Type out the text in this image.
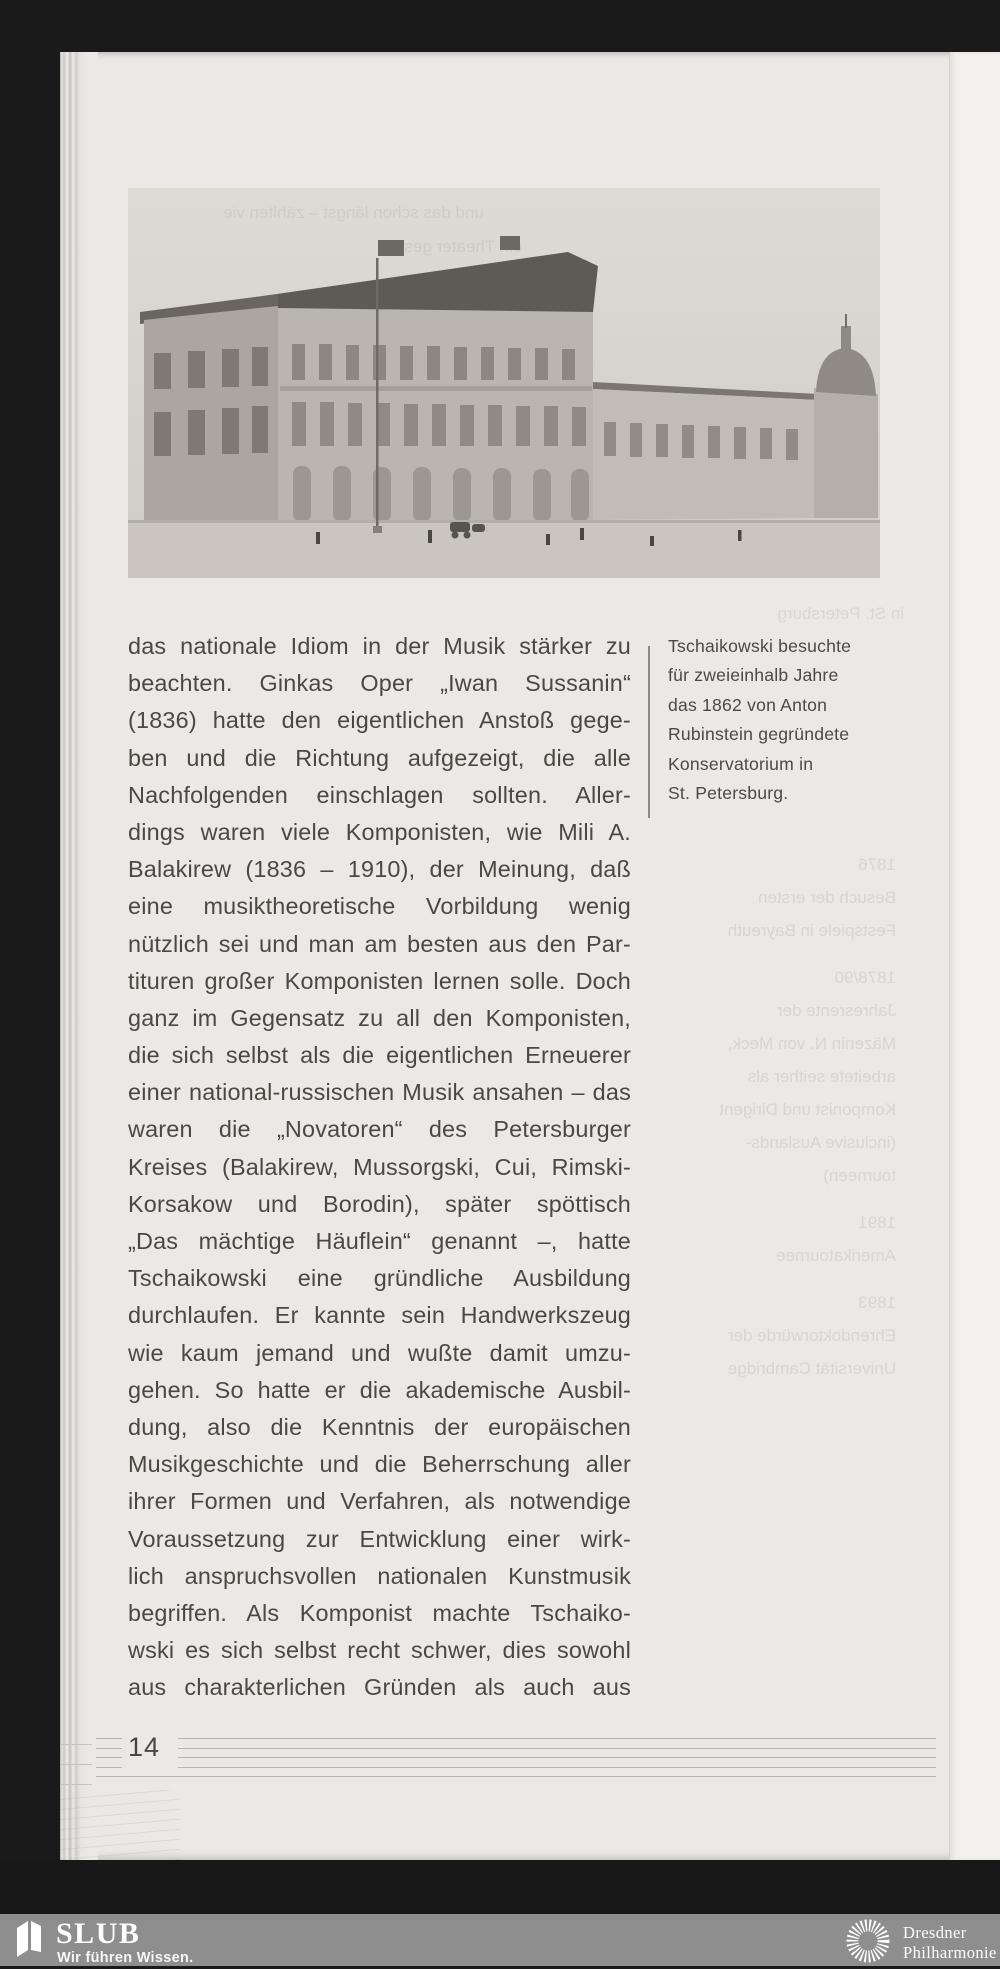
und das schon längst – zählten vie
ein Theater gestellt
das nationale Idiom in der Musik stärker zu
beachten. Ginkas Oper „Iwan Sussanin“
(1836) hatte den eigentlichen Anstoß gege-
ben und die Richtung aufgezeigt, die alle
Nachfolgenden einschlagen sollten. Aller-
dings waren viele Komponisten, wie Mili A.
Balakirew (1836 – 1910), der Meinung, daß
eine musiktheoretische Vorbildung wenig
nützlich sei und man am besten aus den Par-
tituren großer Komponisten lernen solle. Doch
ganz im Gegensatz zu all den Komponisten,
die sich selbst als die eigentlichen Erneuerer
einer national-russischen Musik ansahen – das
waren die „Novatoren“ des Petersburger
Kreises (Balakirew, Mussorgski, Cui, Rimski-
Korsakow und Borodin), später spöttisch
„Das mächtige Häuflein“ genannt –, hatte
Tschaikowski eine gründliche Ausbildung
durchlaufen. Er kannte sein Handwerkszeug
wie kaum jemand und wußte damit umzu-
gehen. So hatte er die akademische Ausbil-
dung, also die Kenntnis der europäischen
Musikgeschichte und die Beherrschung aller
ihrer Formen und Verfahren, als notwendige
Voraussetzung zur Entwicklung einer wirk-
lich anspruchsvollen nationalen Kunstmusik
begriffen. Als Komponist machte Tschaiko-
wski es sich selbst recht schwer, dies sowohl
aus charakterlichen Gründen als auch aus
in St. Petersburg
Tschaikowski besuchte
für zweieinhalb Jahre
das 1862 von Anton
Rubinstein gegründete
Konservatorium in
St. Petersburg.
1876
Besuch der ersten
Festspiele in Bayreuth
1878/90
Jahresrente der
Mäzenin N. von Meck,
arbeitete seither als
Komponist und Dirigent
(inclusive Auslands-
tourneen)
1891
Amerikatournee
1893
Ehrendoktorwürde der
Universität Cambridge
14
SLUB
Wir führen Wissen.
Dresdner
Philharmonie
